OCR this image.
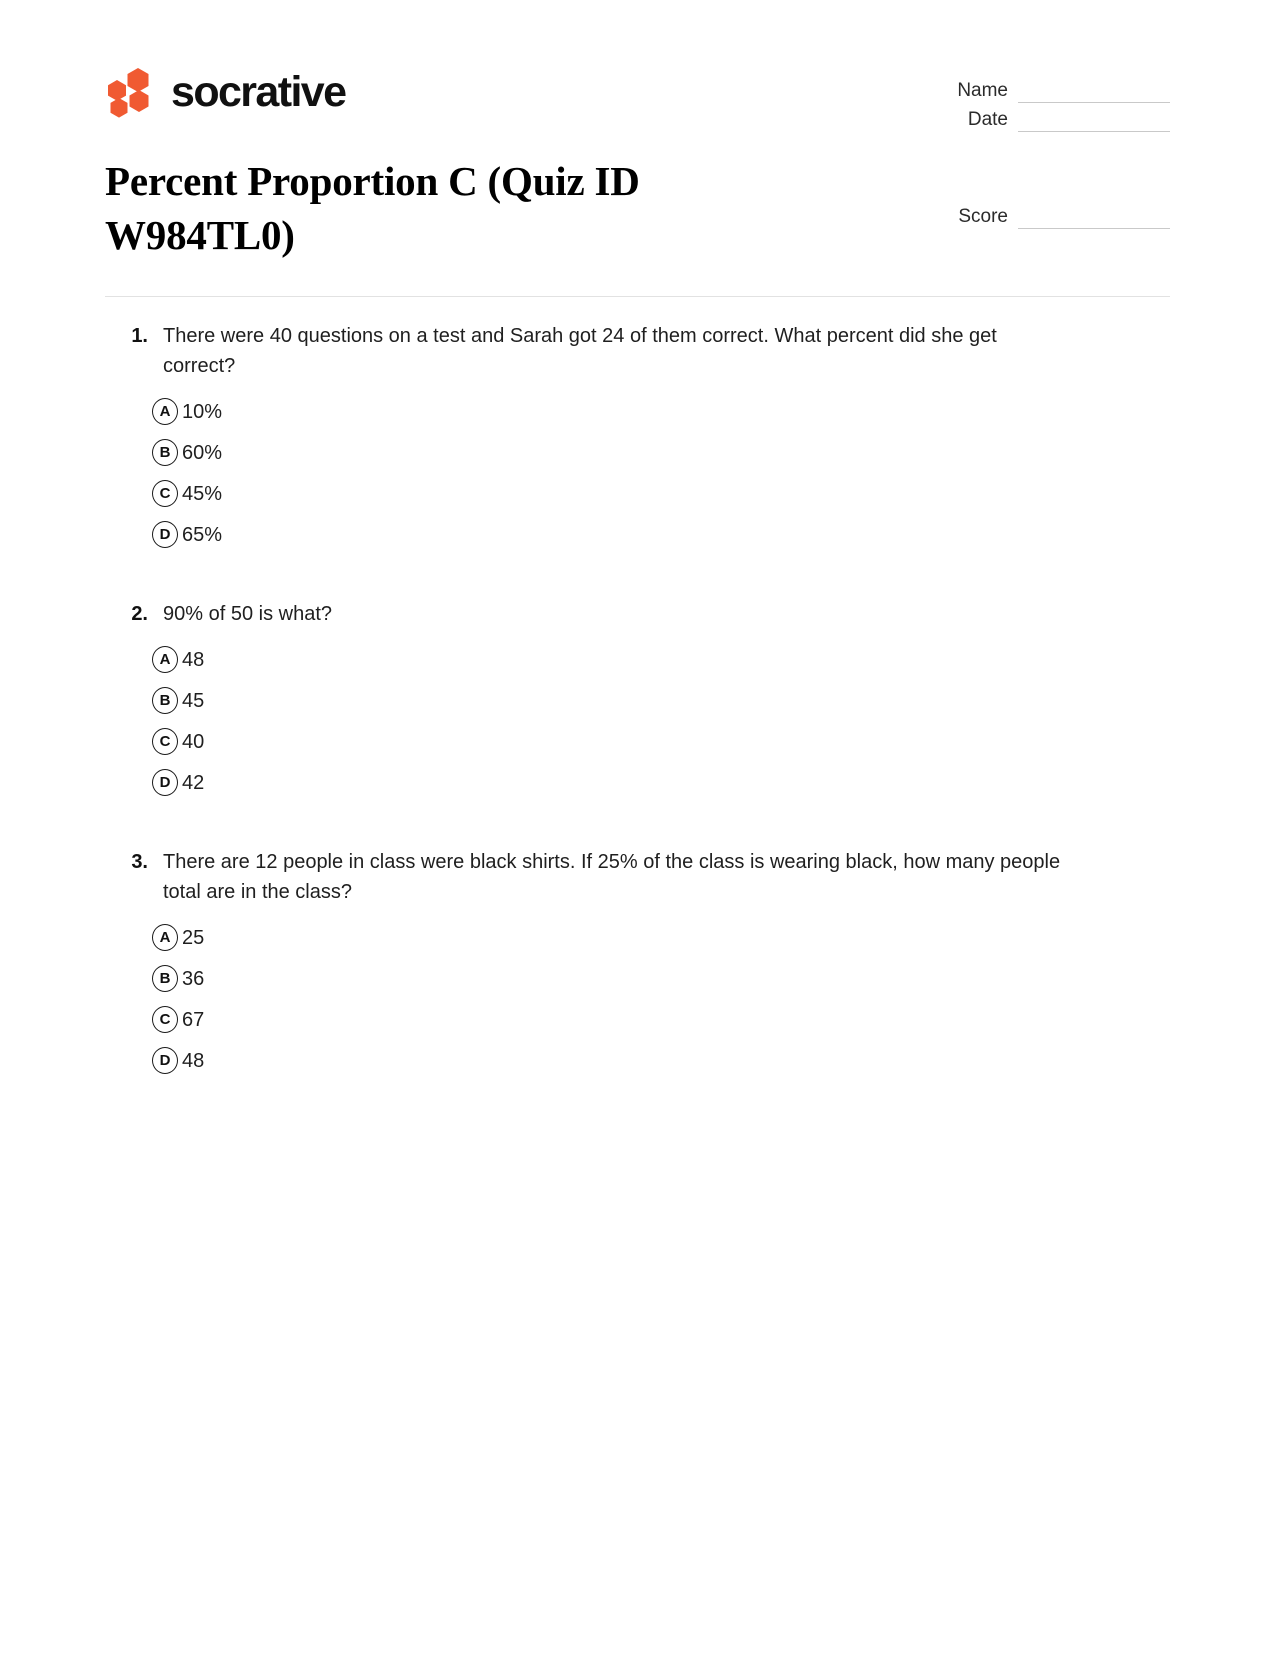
socrative	Name
Date
Percent Proportion C (Quiz ID W984TL0)	Score
1. There were 40 questions on a test and Sarah got 24 of them correct. What percent did she get correct?
A 10%
B 60%
C 45%
D 65%
2. 90% of 50 is what?
A 48
B 45
C 40
D 42
3. There are 12 people in class were black shirts. If 25% of the class is wearing black, how many people total are in the class?
A 25
B 36
C 67
D 48
